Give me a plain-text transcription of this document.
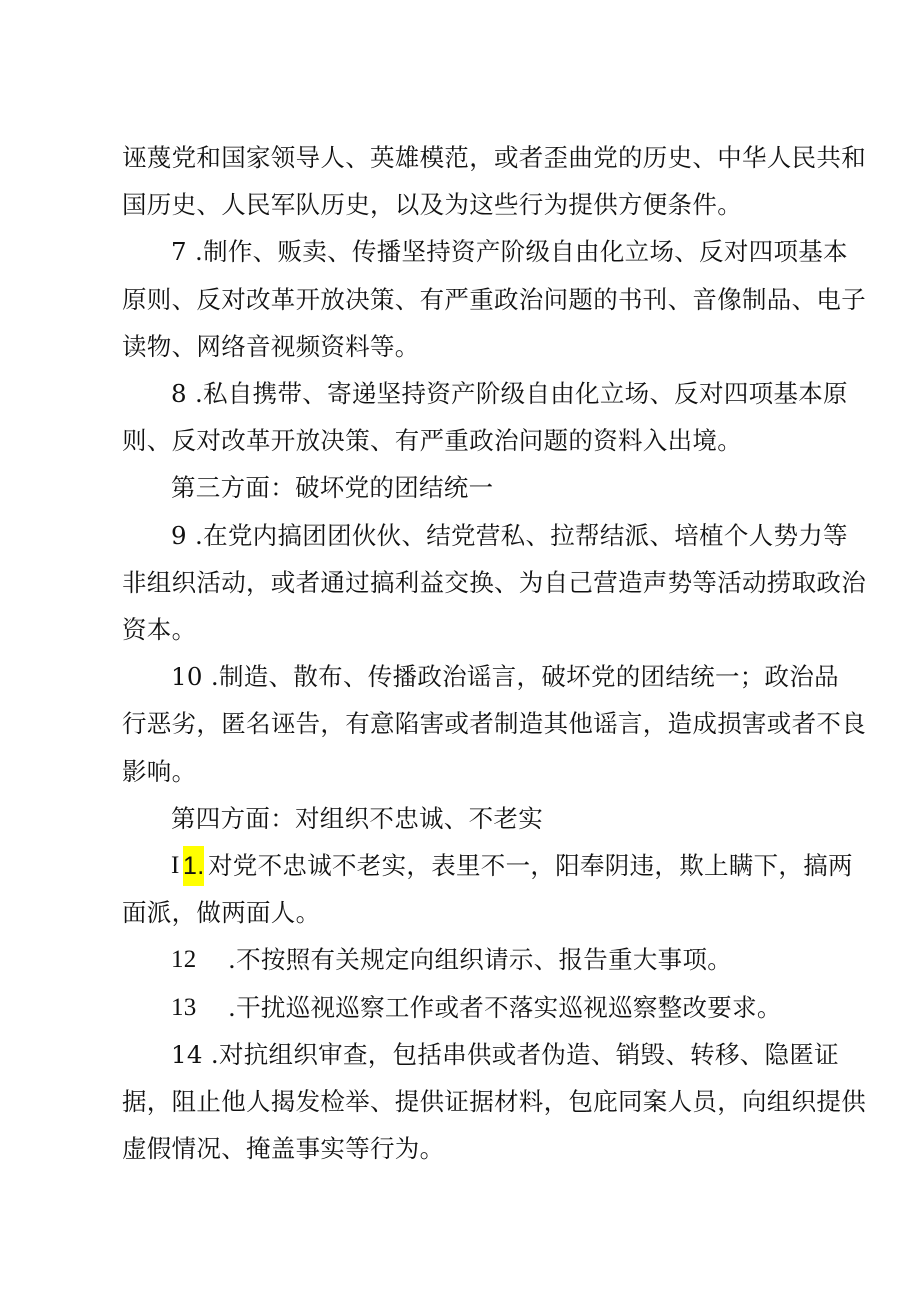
诬蔑党和国家领导人、英雄模范，或者歪曲党的历史、中华人民共和
国历史、人民军队历史，以及为这些行为提供方便条件。
7 .制作、贩卖、传播坚持资产阶级自由化立场、反对四项基本
原则、反对改革开放决策、有严重政治问题的书刊、音像制品、电子
读物、网络音视频资料等。
8 .私自携带、寄递坚持资产阶级自由化立场、反对四项基本原
则、反对改革开放决策、有严重政治问题的资料入出境。
第三方面：破坏党的团结统一
9 .在党内搞团团伙伙、结党营私、拉帮结派、培植个人势力等
非组织活动，或者通过搞利益交换、为自己营造声势等活动捞取政治
资本。
10 .制造、散布、传播政治谣言，破坏党的团结统一；政治品
行恶劣，匿名诬告，有意陷害或者制造其他谣言，造成损害或者不良
影响。
第四方面：对组织不忠诚、不老实
I 1. 对党不忠诚不老实，表里不一，阳奉阴违，欺上瞒下，搞两
面派，做两面人。
12 .不按照有关规定向组织请示、报告重大事项。
13 .干扰巡视巡察工作或者不落实巡视巡察整改要求。
14 .对抗组织审查，包括串供或者伪造、销毁、转移、隐匿证
据，阻止他人揭发检举、提供证据材料，包庇同案人员，向组织提供
虚假情况、掩盖事实等行为。
